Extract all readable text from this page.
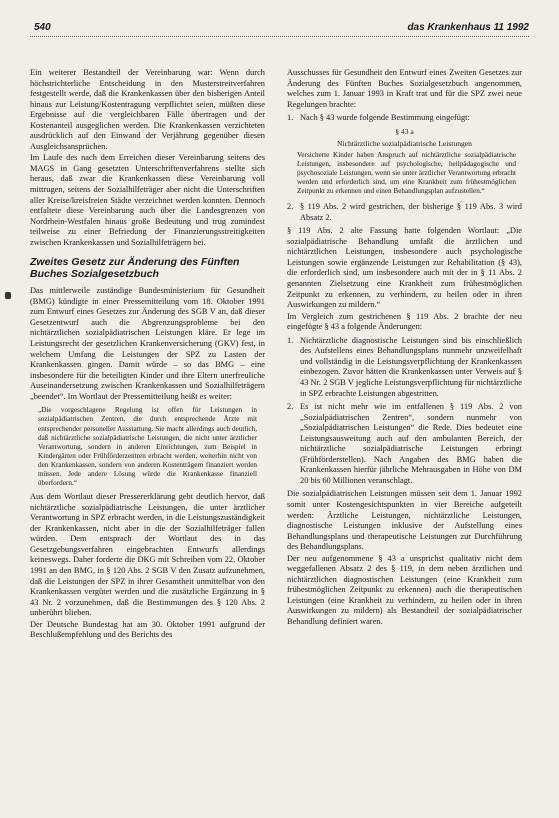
540	das Krankenhaus 11 1992

Ein weiterer Bestandteil der Vereinbarung war: Wenn durch höchstrichterliche Entscheidung in den Musterstreitverfahren festgestellt werde, daß die Krankenkassen über den bisherigen Anteil hinaus zur Leistung/Kostentragung verpflichtet seien, müßten diese Ergebnisse auf die vergleichbaren Fälle übertragen und der Kostenanteil ausgeglichen werden. Die Krankenkassen verzichteten ausdrücklich auf den Einwand der Verjährung gegenüber diesen Ausgleichsansprüchen.

Im Laufe des nach dem Erreichen dieser Vereinbarung seitens des MAGS in Gang gesetzten Unterschriftenverfahrens stellte sich heraus, daß zwar die Krankenkassen diese Vereinbarung voll mittrugen, seitens der Sozialhilfeträger aber nicht die Unterschriften aller Kreise/kreisfreien Städte verzeichnet werden konnten. Dennoch entfaltete diese Vereinbarung auch über die Landesgrenzen von Nordrhein-Westfalen hinaus große Bedeutung und trug zumindest teilweise zu einer Befriedung der Finanzierungsstreitigkeiten zwischen Krankenkassen und Sozialhilfeträgern bei.

Zweites Gesetz zur Änderung des Fünften Buches Sozialgesetzbuch

Das mittlerweile zuständige Bundesministerium für Gesundheit (BMG) kündigte in einer Pressemitteilung vom 18. Oktober 1991 zum Entwurf eines Gesetzes zur Änderung des SGB V an, daß dieser Gesetzentwurf auch die Abgrenzungsprobleme bei den nichtärztlichen sozialpädiatrischen Leistungen kläre. Er lege im Leistungsrecht der gesetzlichen Krankenversicherung (GKV) fest, in welchem Umfang die Leistungen der SPZ zu Lasten der Krankenkassen gingen. Damit würde – so das BMG – eine insbesondere für die beteiligten Kinder und ihre Eltern unerfreuliche Auseinandersetzung zwischen Krankenkassen und Sozialhilfeträgern „beendet“. Im Wortlaut der Pressemitteilung heißt es weiter:

„Die vorgeschlagene Regelung ist offen für Leistungen in sozialpädiatrischen Zentren, die durch entsprechende Ärzte mit entsprechender personeller Ausstattung. Sie macht allerdings auch deutlich, daß nichtärztliche sozialpädiatrische Leistungen, die nicht unter ärztlicher Verantwortung, sondern in anderen Einrichtungen, zum Beispiel in Kindergärten oder Frühförderzentren erbracht werden, weiterhin nicht von den Krankenkassen, sondern von anderen Kostenträgern finanziert werden müssen. Jede andere Lösung würde die Krankenkasse finanziell überfordern.“

Aus dem Wortlaut dieser Pressererklärung geht deutlich hervor, daß nichtärztliche sozialpädiatrische Leistungen, die unter ärztlicher Verantwortung in SPZ erbracht werden, in die Leistungszuständigkeit der Krankenkassen, nicht aber in die der Sozialhilfeträger fallen würden. Dem entsprach der Wortlaut des in das Gesetzgebungsverfahren eingebrachten Entwurfs allerdings keineswegs. Daher forderte die DKG mit Schreiben vom 22. Oktober 1991 an den BMG, in § 120 Abs. 2 SGB V den Zusatz aufzunehmen, daß die Leistungen der SPZ in ihrer Gesamtheit unmittelbar von den Krankenkassen vergütet werden und die zusätzliche Ergänzung in § 43 Nr. 2 vorzunehmen, daß die Bestimmungen des § 120 Abs. 2 unberührt blieben.

Der Deutsche Bundestag hat am 30. Oktober 1991 aufgrund der Beschlußempfehlung und des Berichts des

Ausschusses für Gesundheit den Entwurf eines Zweiten Gesetzes zur Änderung des Fünften Buches Sozialgesetzbuch angenommen, welches zum 1. Januar 1993 in Kraft trat und für die SPZ zwei neue Regelungen brachte:

1. Nach § 43 wurde folgende Bestimmung eingefügt:
§ 43 a
Nichtärztliche sozialpädiatrische Leistungen
Versicherte Kinder haben Anspruch auf nichtärztliche sozialpädiatrische Leistungen, insbesondere auf psychologische, heilpädagogische und psychosoziale Leistungen, wenn sie unter ärztlicher Verantwortung erbracht werden und erforderlich sind, um eine Krankheit zum frühestmöglichen Zeitpunkt zu erkennen und einen Behandlungsplan aufzustellen.“
2. § 119 Abs. 2 wird gestrichen, der bisherige § 119 Abs. 3 wird Absatz 2.

§ 119 Abs. 2 alte Fassung hatte folgenden Wortlaut: „Die sozialpädiatrische Behandlung umfaßt die ärztlichen und nichtärztlichen Leistungen, insbesondere auch psychologische Leistungen sowie ergänzende Leistungen zur Rehabilitation (§ 43), die erforderlich sind, um insbesondere auch mit der in § 11 Abs. 2 genannten Zielsetzung eine Krankheit zum frühestmöglichen Zeitpunkt zu erkennen, zu verhindern, zu heilen oder in ihren Auswirkungen zu mildern.“

Im Vergleich zum gestrichenen § 119 Abs. 2 brachte der neu eingefügte § 43 a folgende Änderungen:

1. Nichtärztliche diagnostische Leistungen sind bis einschließlich des Aufstellens eines Behandlungsplans nunmehr unzweifelhaft und vollständig in die Leistungsverpflichtung der Krankenkassen einbezogen. Zuvor hätten die Krankenkassen unter Verweis auf § 43 Nr. 2 SGB V jegliche Leistungsverpflichtung für nichtärztliche in SPZ erbrachte Leistungen abgestritten.
2. Es ist nicht mehr wie im entfallenen § 119 Abs. 2 von „Sozialpädiatrischen Zentren“, sondern nunmehr von „Sozialpädiatrischen Leistungen“ die Rede. Dies bedeutet eine Leistungsausweitung auch auf den ambulanten Bereich, der nichtärztliche sozialpädiatrische Leistungen erbringt (Frühförderstellen). Nach Angaben des BMG haben die Krankenkassen hierfür jährliche Mehrausgaben in Höhe von DM 20 bis 60 Millionen veranschlagt.

Die sozialpädiatrischen Leistungen müssen seit dem 1. Januar 1992 somit unter Kostengesichtspunkten in vier Bereiche aufgeteilt werden: Ärztliche Leistungen, nichtärztliche Leistungen, diagnostische Leistungen inklusive der Aufstellung eines Behandlungsplans und therapeutische Leistungen zur Durchführung des Behandlungsplans.

Der neu aufgenommene § 43 a unsprichst qualitativ nicht dem weggefallenen Absatz 2 des § 119, in dem neben ärztlichen und nichtärztlichen diagnostischen Leistungen (eine Krankheit zum frühestmöglichen Zeitpunkt zu erkennen) auch die therapeutischen Leistungen (eine Krankheit zu verhindern, zu heilen oder in ihren Auswirkungen zu mildern) als Bestandteil der sozialpädiatrischer Behandlung definiert waren.
